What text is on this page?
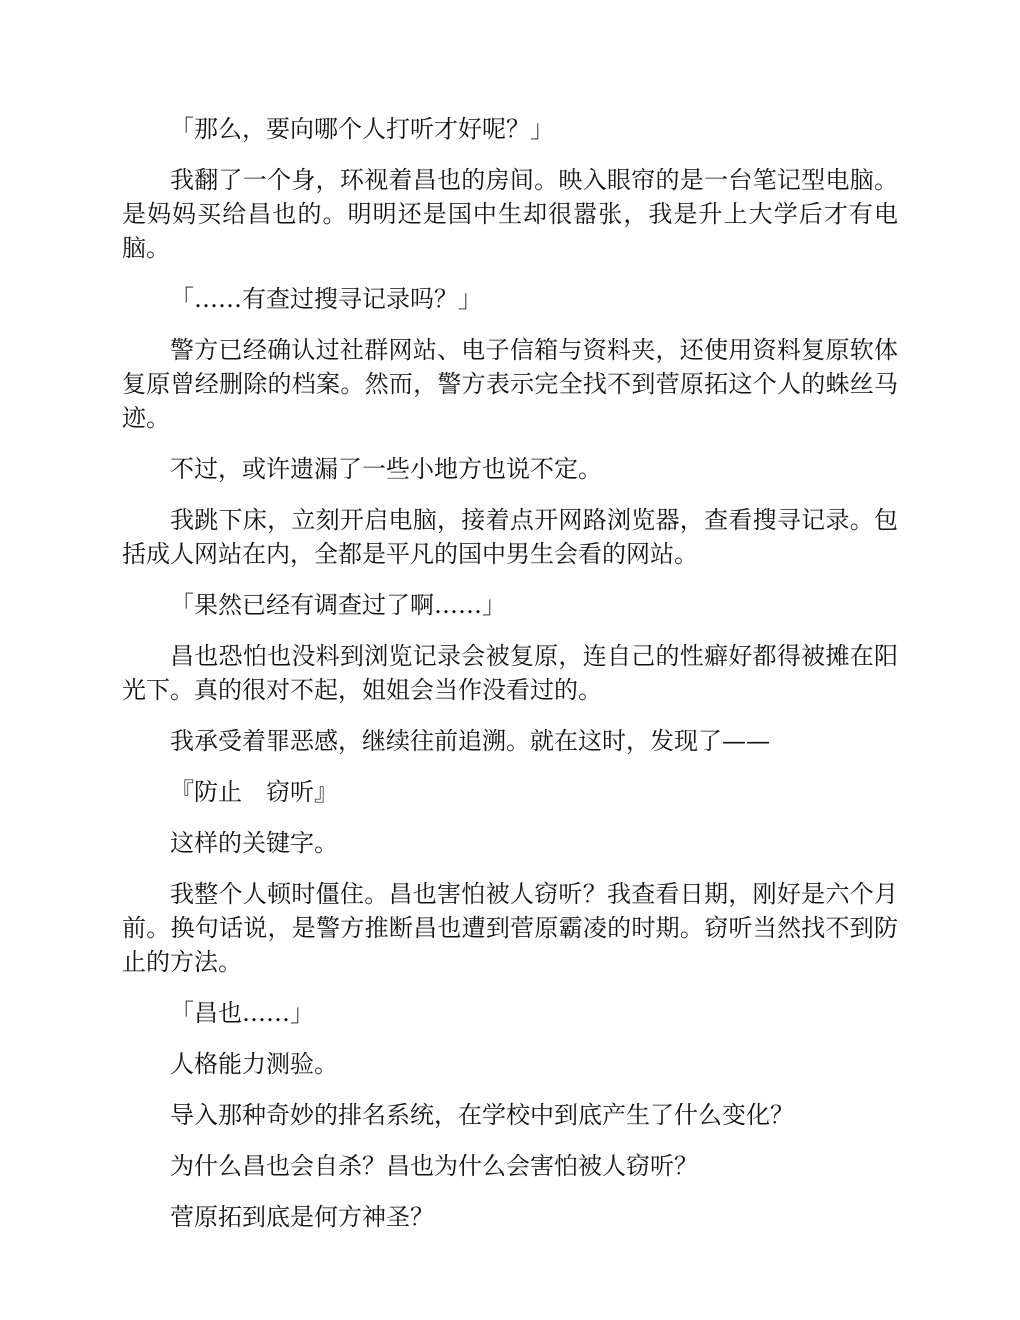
「那么，要向哪个人打听才好呢？」

我翻了一个身，环视着昌也的房间。映入眼帘的是一台笔记型电脑。是妈妈买给昌也的。明明还是国中生却很嚣张，我是升上大学后才有电脑。

「……有查过搜寻记录吗？」

警方已经确认过社群网站、电子信箱与资料夹，还使用资料复原软体复原曾经删除的档案。然而，警方表示完全找不到菅原拓这个人的蛛丝马迹。

不过，或许遗漏了一些小地方也说不定。

我跳下床，立刻开启电脑，接着点开网路浏览器，查看搜寻记录。包括成人网站在内，全都是平凡的国中男生会看的网站。

「果然已经有调查过了啊……」

昌也恐怕也没料到浏览记录会被复原，连自己的性癖好都得被摊在阳光下。真的很对不起，姐姐会当作没看过的。

我承受着罪恶感，继续往前追溯。就在这时，发现了——

『防止　窃听』

这样的关键字。

我整个人顿时僵住。昌也害怕被人窃听？我查看日期，刚好是六个月前。换句话说，是警方推断昌也遭到菅原霸凌的时期。窃听当然找不到防止的方法。

「昌也……」

人格能力测验。

导入那种奇妙的排名系统，在学校中到底产生了什么变化？

为什么昌也会自杀？昌也为什么会害怕被人窃听？

菅原拓到底是何方神圣？
